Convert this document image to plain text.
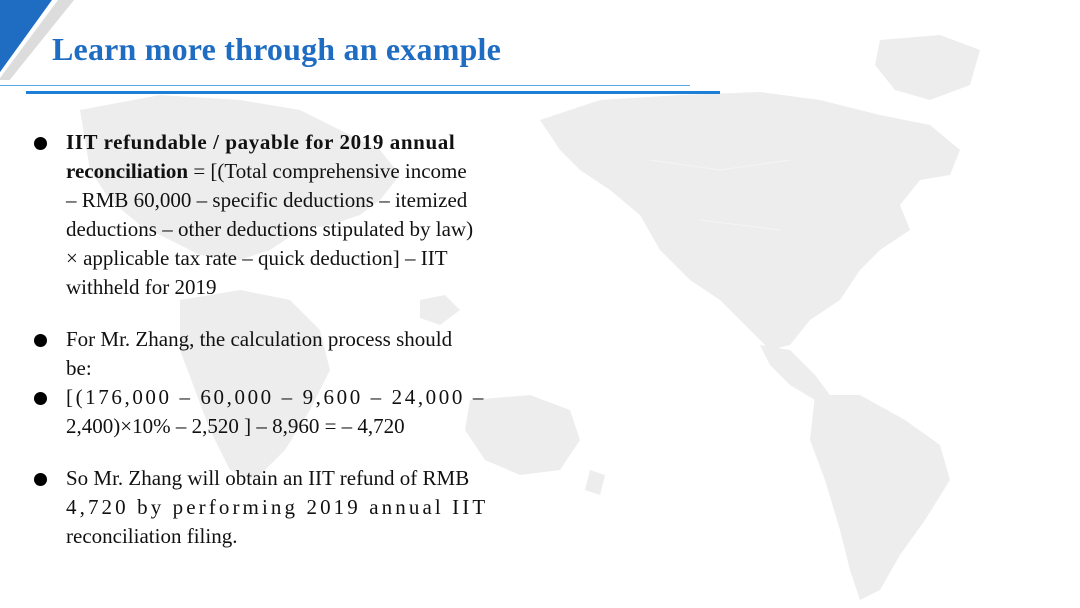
Learn more through an example
IIT refundable / payable for 2019 annual
reconciliation = [(Total comprehensive income
– RMB 60,000 – specific deductions – itemized
deductions – other deductions stipulated by law)
× applicable tax rate – quick deduction] – IIT
withheld for 2019
For Mr. Zhang, the calculation process should
be:
[(176,000 – 60,000 – 9,600 – 24,000 –
2,400)×10% – 2,520 ] – 8,960 = – 4,720
So Mr. Zhang will obtain an IIT refund of RMB
4,720 by performing 2019 annual IIT
reconciliation filing.
